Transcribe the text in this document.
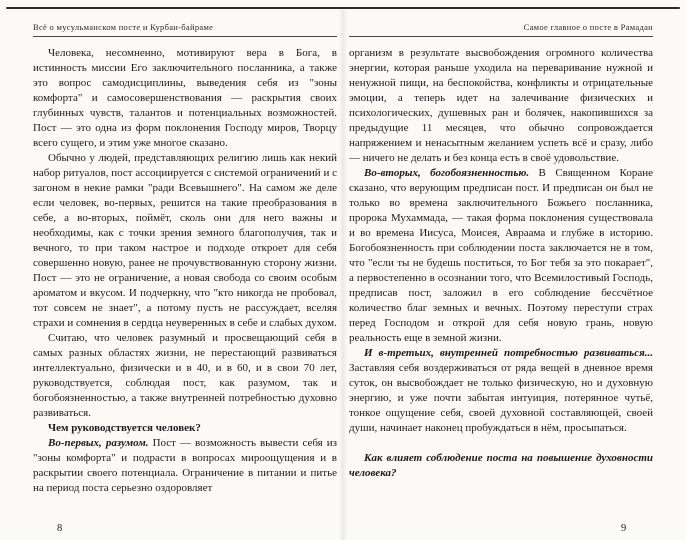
Всё о мусульманском посте и Курбан-байраме

Человека, несомненно, мотивируют вера в Бога, в истинность миссии Его заключительного посланника, а также это вопрос самодисциплины, выведения себя из "зоны комфорта" и самосовершенствования — раскрытия своих глубинных чувств, талантов и потенциальных возможностей. Пост — это одна из форм поклонения Господу миров, Творцу всего сущего, и этим уже многое сказано.

Обычно у людей, представляющих религию лишь как некий набор ритуалов, пост ассоциируется с системой ограничений и с загоном в некие рамки "ради Всевышнего". На самом же деле если человек, во-первых, решится на такие преобразования в себе, а во-вторых, поймёт, сколь они для него важны и необходимы, как с точки зрения земного благополучия, так и вечного, то при таком настрое и подходе откроет для себя совершенно новую, ранее не прочувствованную сторону жизни. Пост — это не ограничение, а новая свобода со своим особым ароматом и вкусом. И подчеркну, что "кто никогда не пробовал, тот совсем не знает", а потому пусть не рассуждает, вселяя страхи и сомнения в сердца неуверенных в себе и слабых духом.

Считаю, что человек разумный и просвещающий себя в самых разных областях жизни, не перестающий развиваться интеллектуально, физически и в 40, и в 60, и в свои 70 лет, руководствуется, соблюдая пост, как разумом, так и богобоязненностью, а также внутренней потребностью духовно развиваться.

Чем руководствуется человек?

Во-первых, разумом. Пост — возможность вывести себя из "зоны комфорта" и подрасти в вопросах мироощущения и в раскрытии своего потенциала. Ограничение в питании и питье на период поста серьезно оздоровляет

Самое главное о посте в Рамадан

организм в результате высвобождения огромного количества энергии, которая раньше уходила на переваривание нужной и ненужной пищи, на беспокойства, конфликты и отрицательные эмоции, а теперь идет на залечивание физических и психологических, душевных ран и болячек, накопившихся за предыдущие 11 месяцев, что обычно сопровождается напряжением и ненасытным желанием успеть всё и сразу, либо — ничего не делать и без конца есть в своё удовольствие.

Во-вторых, богобоязненностью. В Священном Коране сказано, что верующим предписан пост. И предписан он был не только во времена заключительного Божьего посланника, пророка Мухаммада, — такая форма поклонения существовала и во времена Иисуса, Моисея, Авраама и глубже в историю. Богобоязненность при соблюдении поста заключается не в том, что "если ты не будешь поститься, то Бог тебя за это покарает", а первостепенно в осознании того, что Всемилостивый Господь, предписав пост, заложил в его соблюдение бессчётное количество благ земных и вечных. Поэтому переступи страх перед Господом и открой для себя новую грань, новую реальность еще в земной жизни.

И в-третьих, внутренней потребностью развиваться... Заставляя себя воздерживаться от ряда вещей в дневное время суток, он высвобождает не только физическую, но и духовную энергию, и уже почти забытая интуиция, потерянное чутьё, тонкое ощущение себя, своей духовной составляющей, своей души, начинает наконец пробуждаться в нём, просыпаться.

Как влияет соблюдение поста на повышение духовности человека?

8	9
